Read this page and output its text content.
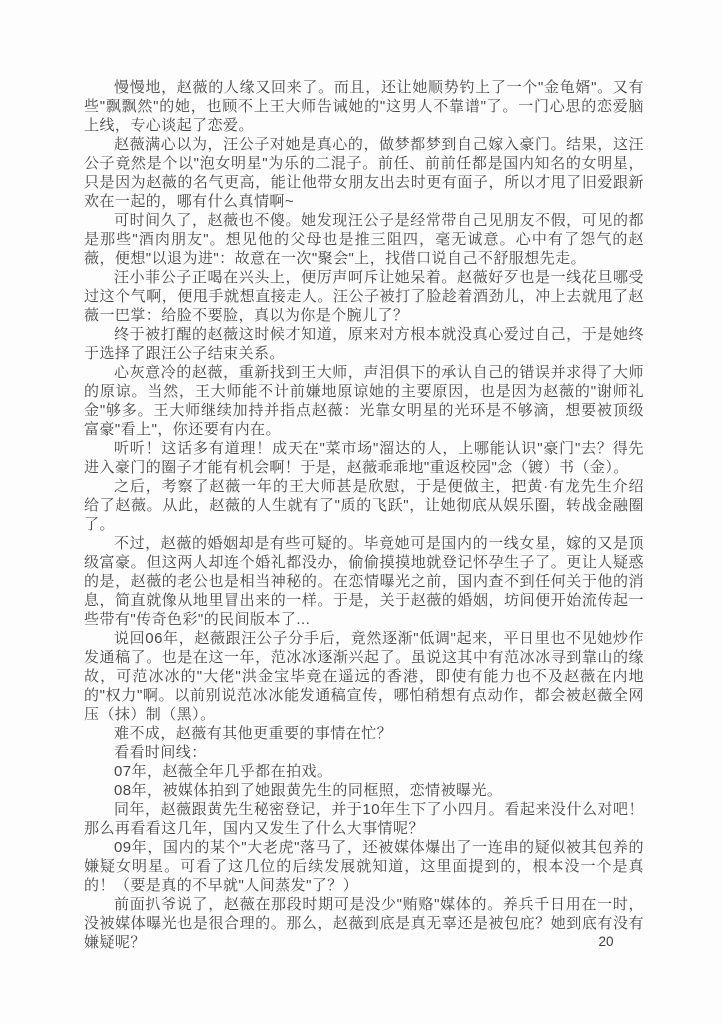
慢慢地，赵薇的人缘又回来了。而且，还让她顺势钓上了一个"金龟婿"。又有些"飘飘然"的她，也顾不上王大师告诫她的"这男人不靠谱"了。一门心思的恋爱脑上线，专心谈起了恋爱。

赵薇满心以为，汪公子对她是真心的，做梦都梦到自己嫁入豪门。结果，这汪公子竟然是个以"泡女明星"为乐的二混子。前任、前前任都是国内知名的女明星，只是因为赵薇的名气更高，能让他带女朋友出去时更有面子，所以才甩了旧爱跟新欢在一起的，哪有什么真情啊~

可时间久了，赵薇也不傻。她发现汪公子是经常带自己见朋友不假，可见的都是那些"酒肉朋友"。想见他的父母也是推三阻四，毫无诚意。心中有了怨气的赵薇，便想"以退为进"：故意在一次"聚会"上，找借口说自己不舒服想先走。

汪小菲公子正喝在兴头上，便厉声呵斥让她呆着。赵薇好歹也是一线花旦哪受过这个气啊，便甩手就想直接走人。汪公子被打了脸趁着酒劲儿，冲上去就甩了赵薇一巴掌：给脸不要脸，真以为你是个腕儿了？

终于被打醒的赵薇这时候才知道，原来对方根本就没真心爱过自己，于是她终于选择了跟汪公子结束关系。

心灰意冷的赵薇，重新找到王大师，声泪俱下的承认自己的错误并求得了大师的原谅。当然，王大师能不计前嫌地原谅她的主要原因，也是因为赵薇的"谢师礼金"够多。王大师继续加持并指点赵薇：光靠女明星的光环是不够滴，想要被顶级富豪"看上"，你还要有内在。

听听！这话多有道理！成天在"菜市场"溜达的人，上哪能认识"豪门"去？得先进入豪门的圈子才能有机会啊！于是，赵薇乖乖地"重返校园"念（镀）书（金）。

之后，考察了赵薇一年的王大师甚是欣慰，于是便做主，把黄·有龙先生介绍给了赵薇。从此，赵薇的人生就有了"质的飞跃"，让她彻底从娱乐圈，转战金融圈了。

不过，赵薇的婚姻却是有些可疑的。毕竟她可是国内的一线女星，嫁的又是顶级富豪。但这两人却连个婚礼都没办，偷偷摸摸地就登记怀孕生子了。更让人疑惑的是，赵薇的老公也是相当神秘的。在恋情曝光之前，国内查不到任何关于他的消息，简直就像从地里冒出来的一样。于是，关于赵薇的婚姻，坊间便开始流传起一些带有"传奇色彩"的民间版本了...

说回06年，赵薇跟汪公子分手后，竟然逐渐"低调"起来，平日里也不见她炒作发通稿了。也是在这一年，范冰冰逐渐兴起了。虽说这其中有范冰冰寻到靠山的缘故，可范冰冰的"大佬"洪金宝毕竟在遥远的香港，即使有能力也不及赵薇在内地的"权力"啊。以前别说范冰冰能发通稿宣传，哪怕稍想有点动作，都会被赵薇全网压（抹）制（黑）。

难不成，赵薇有其他更重要的事情在忙？

看看时间线：

07年，赵薇全年几乎都在拍戏。

08年，被媒体拍到了她跟黄先生的同框照，恋情被曝光。

同年，赵薇跟黄先生秘密登记，并于10年生下了小四月。看起来没什么对吧！那么再看看这几年，国内又发生了什么大事情呢？

09年，国内的某个"大老虎"落马了，还被媒体爆出了一连串的疑似被其包养的嫌疑女明星。可看了这几位的后续发展就知道，这里面提到的，根本没一个是真的！（要是真的不早就"人间蒸发"了？）

前面扒爷说了，赵薇在那段时期可是没少"贿赂"媒体的。养兵千日用在一时，没被媒体曝光也是很合理的。那么，赵薇到底是真无辜还是被包庇？她到底有没有嫌疑呢？	20
